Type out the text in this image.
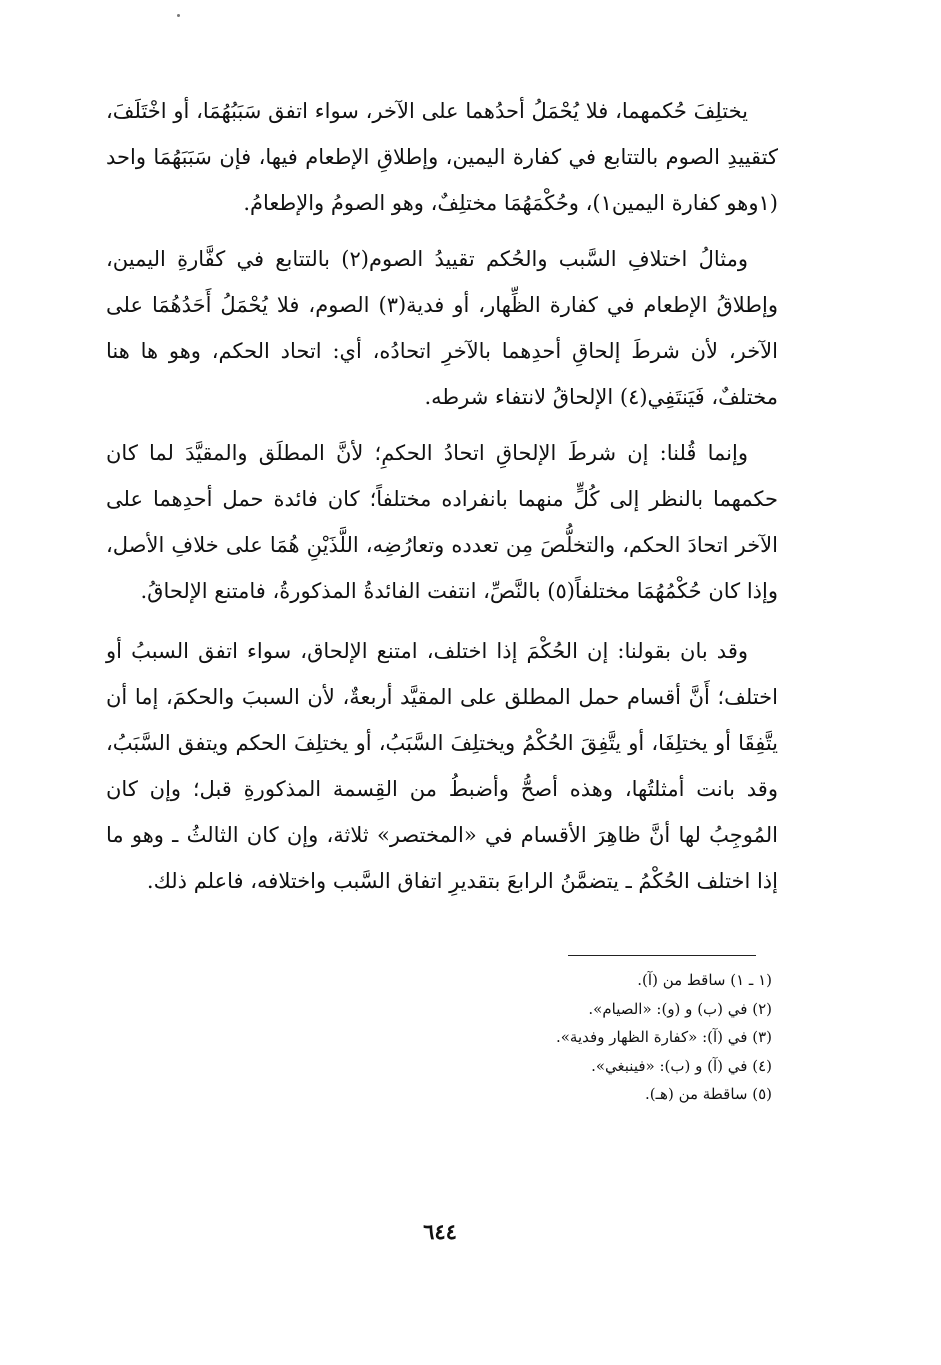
يختلِفَ حُكمهما، فلا يُحْمَلُ أحدُهما على الآخر، سواء اتفق سَبَبُهُمَا، أو اخْتَلَفَ، كتقييدِ الصوم بالتتابع في كفارة اليمين، وإطلاقِ الإطعام فيها، فإن سَبَبَهُمَا واحد (١وهو كفارة اليمين١)، وحُكْمَهُمَا مختلِفٌ، وهو الصومُ والإطعامُ.

ومثالُ اختلافِ السَّبب والحُكم تقييدُ الصوم(٢) بالتتابع في كفَّارةِ اليمين، وإطلاقُ الإطعام في كفارة الظِّهار، أو فدية(٣) الصوم، فلا يُحْمَلُ أَحَدُهُمَا على الآخر، لأن شرطَ إلحاقِ أحدِهما بالآخرِ اتحادُه، أي: اتحاد الحكم، وهو ها هنا مختلفٌ، فَيَنتَفِي(٤) الإلحاقُ لانتفاء شرطه.

وإنما قُلنا: إن شرطَ الإلحاقِ اتحادُ الحكمِ؛ لأنَّ المطلَق والمقيَّدَ لما كان حكمهما بالنظر إلى كُلٍّ منهما بانفراده مختلفاً؛ كان فائدة حمل أحدِهما على الآخر اتحادَ الحكم، والتخلُّصَ مِن تعدده وتعارُضِه، اللَّذَيْنِ هُمَا على خلافِ الأصل، وإذا كان حُكْمُهُمَا مختلفاً(٥) بالنَّصِّ، انتفت الفائدةُ المذكورةُ، فامتنع الإلحاقُ.

وقد بان بقولنا: إن الحُكْمَ إذا اختلف، امتنع الإلحاق، سواء اتفق السببُ أو اختلف؛ أَنَّ أقسام حمل المطلق على المقيَّد أربعةٌ، لأن السببَ والحكمَ، إما أن يتَّفِقَا أو يختلِفَا، أو يتَّفِقَ الحُكْمُ ويختلِفَ السَّبَبُ، أو يختلِفَ الحكم ويتفق السَّبَبُ، وقد بانت أمثلتُها، وهذه أصحُّ وأضبطُ من القِسمة المذكورةِ قبل؛ وإن كان المُوجِبُ لها أنَّ ظاهِرَ الأقسام في «المختصر» ثلاثة، وإن كان الثالثُ ـ وهو ما إذا اختلف الحُكْمُ ـ يتضمَّنُ الرابعَ بتقديرِ اتفاق السَّبب واختلافه، فاعلم ذلك.

(١ ـ ١) ساقط من (آ).
(٢) في (ب) و (و): «الصيام».
(٣) في (آ): «كفارة الظهار وفدية».
(٤) في (آ) و (ب): «فينبغي».
(٥) ساقطة من (هـ).
٦٤٤
